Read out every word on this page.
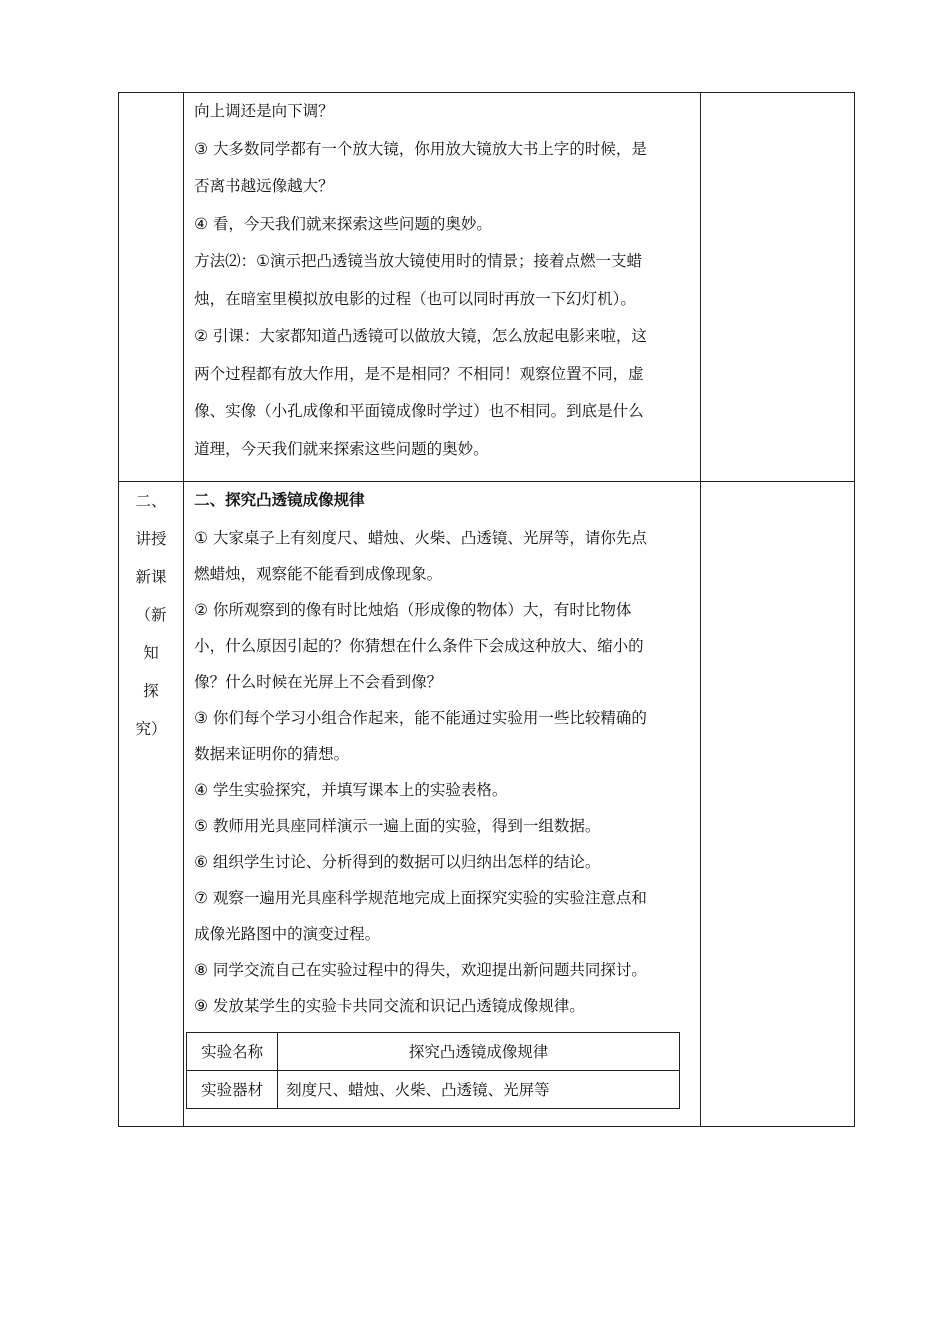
向上调还是向下调？
③ 大多数同学都有一个放大镜，你用放大镜放大书上字的时候，是
否离书越远像越大？
④ 看，今天我们就来探索这些问题的奥妙。
方法⑵：①演示把凸透镜当放大镜使用时的情景；接着点燃一支蜡
烛，在暗室里模拟放电影的过程（也可以同时再放一下幻灯机）。
② 引课：大家都知道凸透镜可以做放大镜，怎么放起电影来啦，这
两个过程都有放大作用，是不是相同？不相同！观察位置不同，虚
像、实像（小孔成像和平面镜成像时学过）也不相同。到底是什么
道理，今天我们就来探索这些问题的奥妙。

二、
讲授
新课
（新
知
探
究）

二、探究凸透镜成像规律
① 大家桌子上有刻度尺、蜡烛、火柴、凸透镜、光屏等，请你先点
燃蜡烛，观察能不能看到成像现象。
② 你所观察到的像有时比烛焰（形成像的物体）大，有时比物体
小，什么原因引起的？你猜想在什么条件下会成这种放大、缩小的
像？什么时候在光屏上不会看到像？
③ 你们每个学习小组合作起来，能不能通过实验用一些比较精确的
数据来证明你的猜想。
④ 学生实验探究，并填写课本上的实验表格。
⑤ 教师用光具座同样演示一遍上面的实验，得到一组数据。
⑥ 组织学生讨论、分析得到的数据可以归纳出怎样的结论。
⑦ 观察一遍用光具座科学规范地完成上面探究实验的实验注意点和
成像光路图中的演变过程。
⑧ 同学交流自己在实验过程中的得失，欢迎提出新问题共同探讨。
⑨ 发放某学生的实验卡共同交流和识记凸透镜成像规律。
实验名称	探究凸透镜成像规律
实验器材	刻度尺、蜡烛、火柴、凸透镜、光屏等
